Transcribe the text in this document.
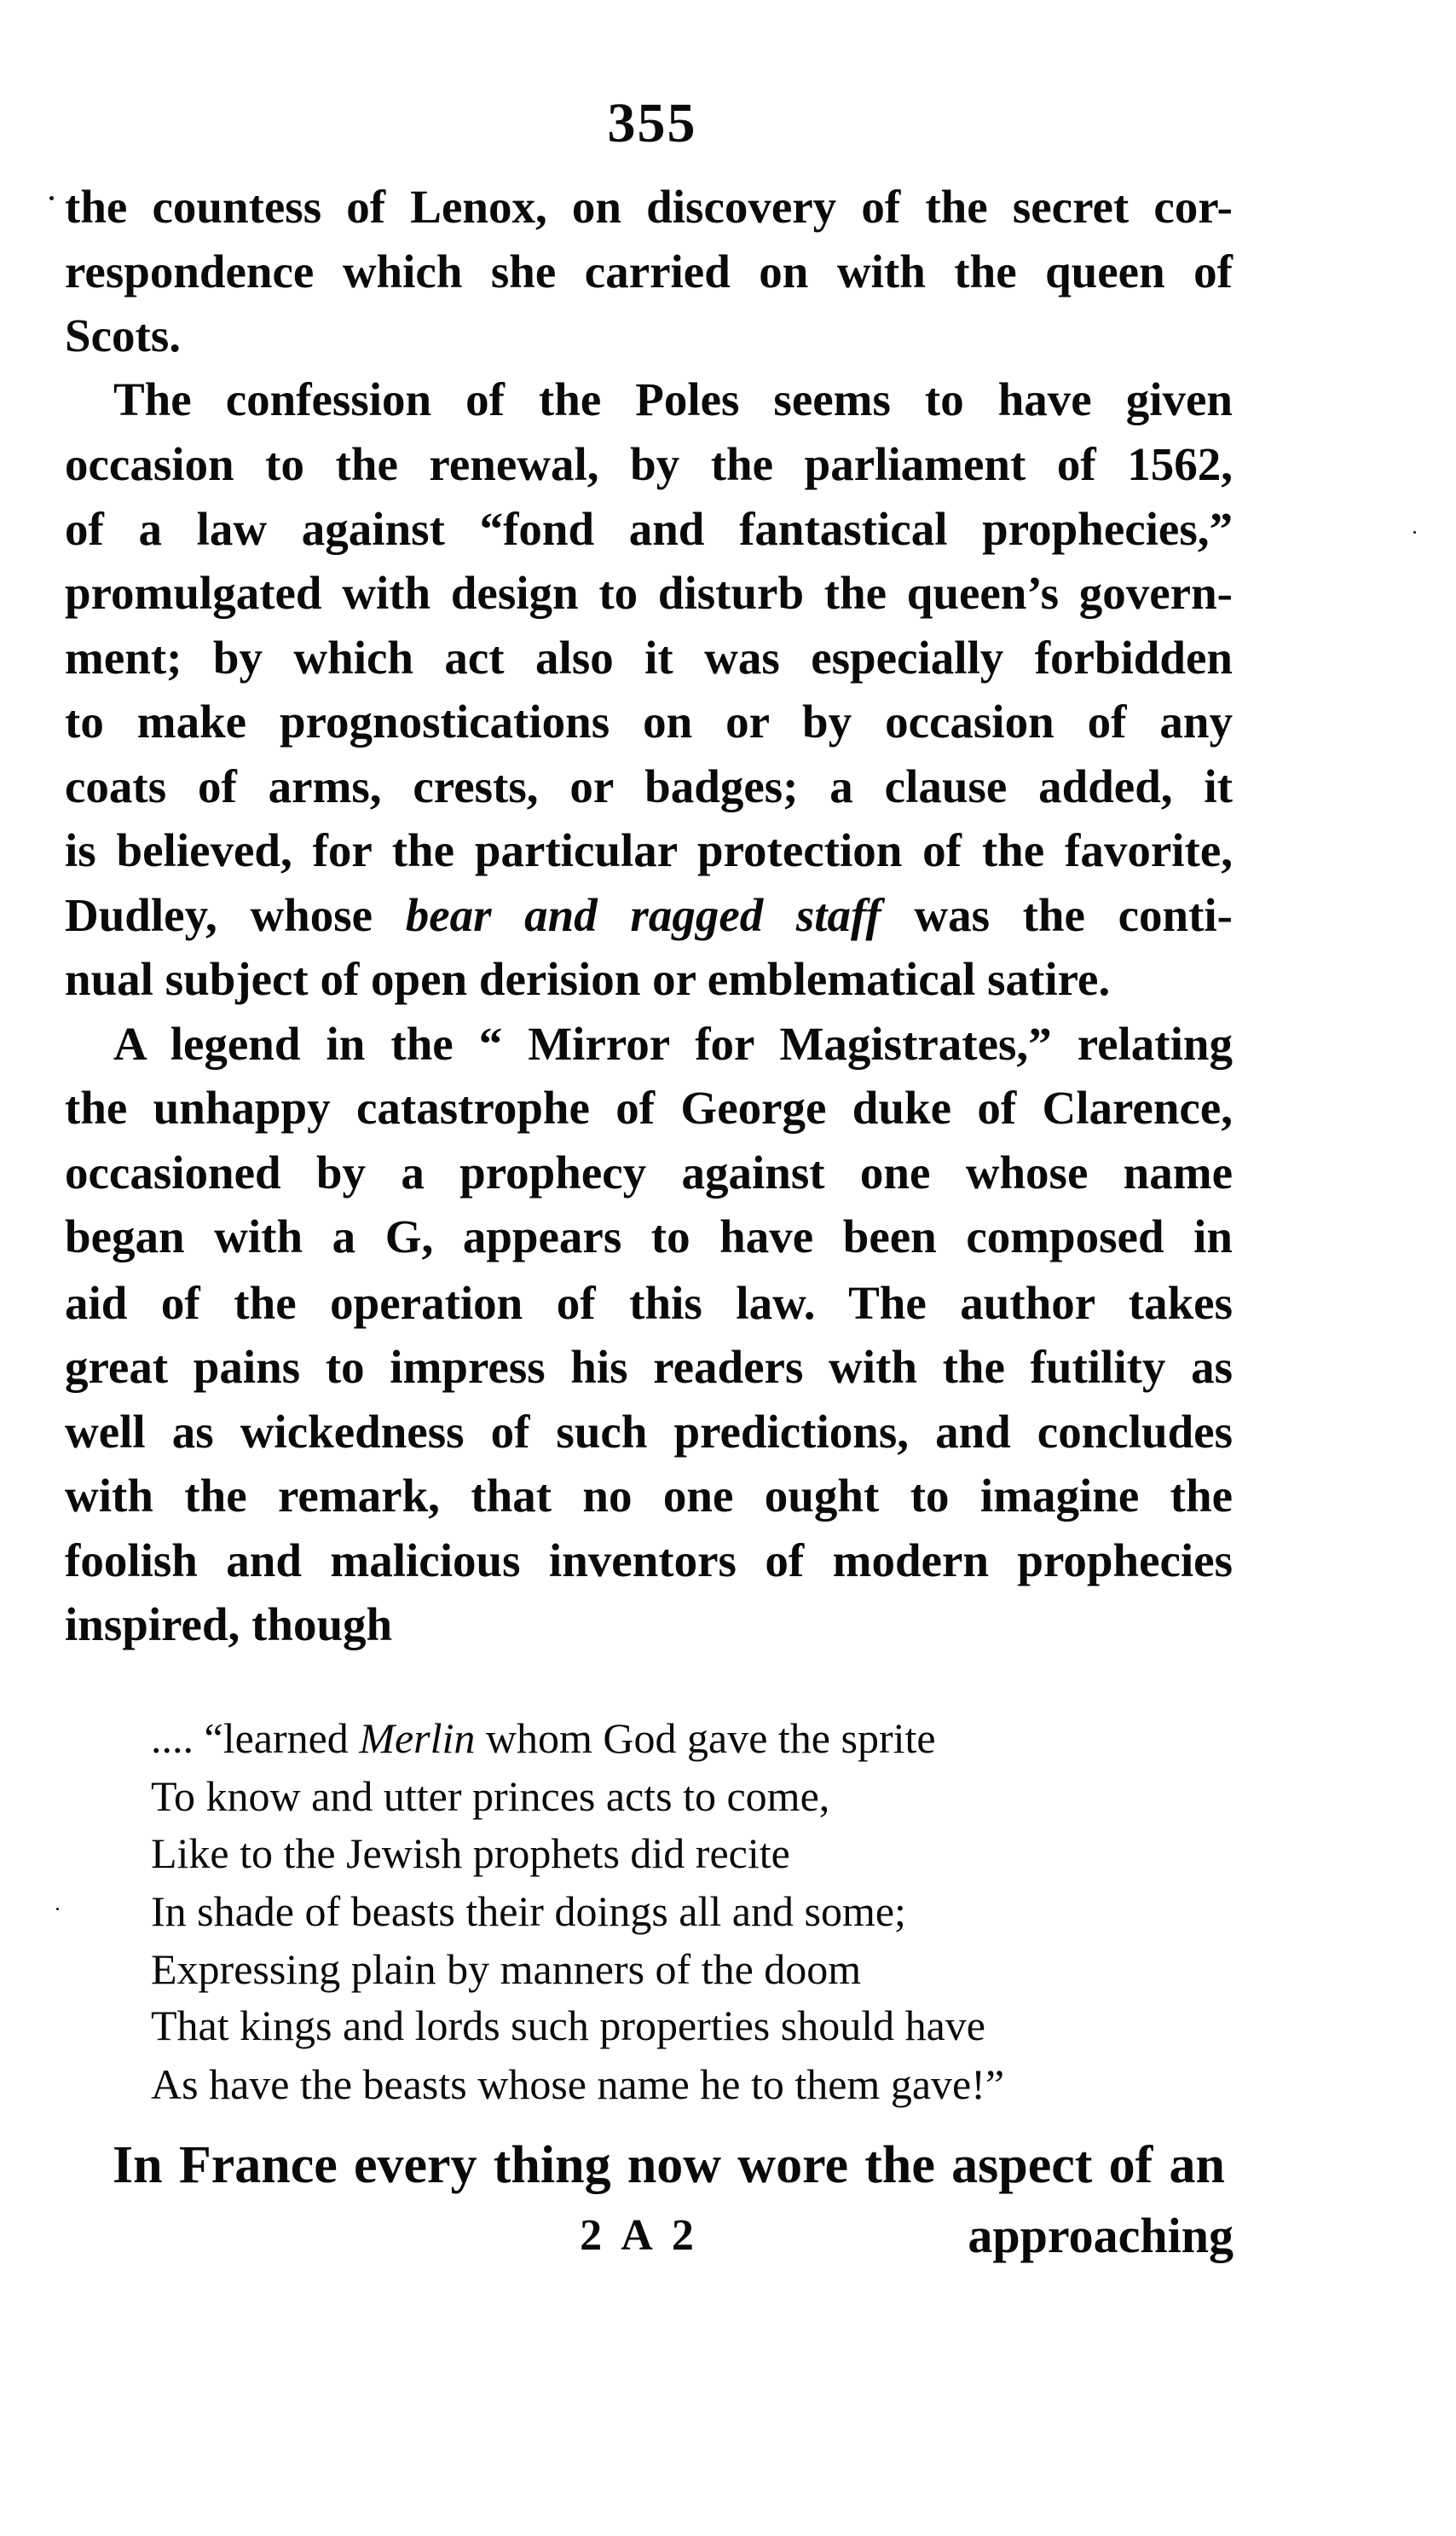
355
the countess of Lenox, on discovery of the secret cor-
respondence which she carried on with the queen of
Scots.
The confession of the Poles seems to have given
occasion to the renewal, by the parliament of 1562,
of a law against “fond and fantastical prophecies,”
promulgated with design to disturb the queen’s govern-
ment; by which act also it was especially forbidden
to make prognostications on or by occasion of any
coats of arms, crests, or badges; a clause added, it
is believed, for the particular protection of the favorite,
Dudley, whose bear and ragged staff was the conti-
nual subject of open derision or emblematical satire.
A legend in the “ Mirror for Magistrates,” relating
the unhappy catastrophe of George duke of Clarence,
occasioned by a prophecy against one whose name
began with a G, appears to have been composed in
aid of the operation of this law. The author takes
great pains to impress his readers with the futility as
well as wickedness of such predictions, and concludes
with the remark, that no one ought to imagine the
foolish and malicious inventors of modern prophecies
inspired, though
.... “learned Merlin whom God gave the sprite
To know and utter princes acts to come,
Like to the Jewish prophets did recite
In shade of beasts their doings all and some;
Expressing plain by manners of the doom
That kings and lords such properties should have
As have the beasts whose name he to them gave!”
In France every thing now wore the aspect of an
2 A 2	approaching
